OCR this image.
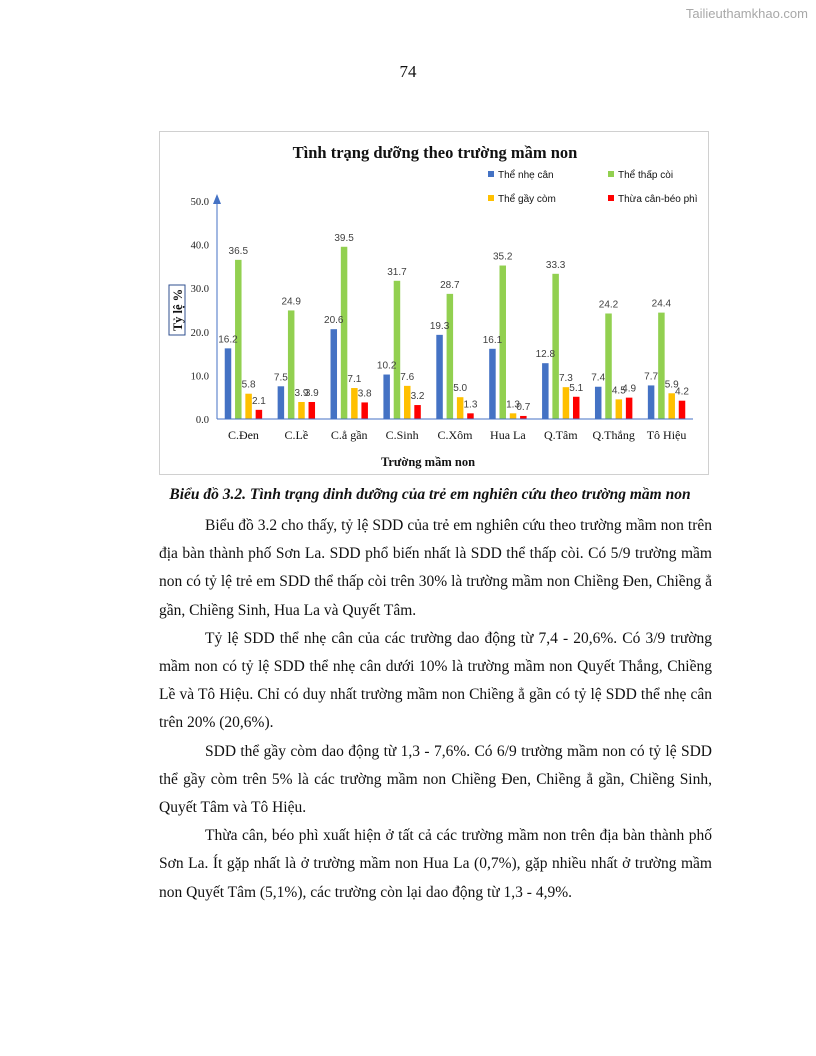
Tailieuthamkhao.com
74
Tình trạng dưỡng theo trường mầm non
Trường mầm non
Tỷ lệ %
0.0
10.0
20.0
30.0
40.0
50.0
16.2
36.5
5.8
2.1
7.5
24.9
3.9
3.9
20.6
39.5
7.1
3.8
10.2
31.7
7.6
3.2
19.3
28.7
5.0
1.3
16.1
35.2
1.3
0.7
12.8
33.3
7.3
5.1
7.4
24.2
4.5
4.9
7.7
24.4
5.9
4.2
C.Đen C.Lề C.ẳ gần C.Sinh C.Xôm Hua La Q.Tâm Q.Thắng Tô Hiệu
Thể nhẹ cân	Thể thấp còi
Thể gầy còm	Thừa cân-béo phì
Biểu đồ 3.2. Tình trạng dinh dưỡng của trẻ em nghiên cứu theo trường mầm non

Biểu đồ 3.2 cho thấy, tỷ lệ SDD của trẻ em nghiên cứu theo trường mầm non trên địa bàn thành phố Sơn La. SDD phổ biến nhất là SDD thể thấp còi. Có 5/9 trường mầm non có tỷ lệ trẻ em SDD thể thấp còi trên 30% là trường mầm non Chiềng Đen, Chiềng ẳ gần, Chiềng Sinh, Hua La và Quyết Tâm.

Tỷ lệ SDD thể nhẹ cân của các trường dao động từ 7,4 - 20,6%. Có 3/9 trường mầm non có tỷ lệ SDD thể nhẹ cân dưới 10% là trường mầm non Quyết Thắng, Chiềng Lề và Tô Hiệu. Chỉ có duy nhất trường mầm non Chiềng ẳ gần có tỷ lệ SDD thể nhẹ cân trên 20% (20,6%).

SDD thể gầy còm dao động từ 1,3 - 7,6%. Có 6/9 trường mầm non có tỷ lệ SDD thể gầy còm trên 5% là các trường mầm non Chiềng Đen, Chiềng ẳ gần, Chiềng Sinh, Quyết Tâm và Tô Hiệu.

Thừa cân, béo phì xuất hiện ở tất cả các trường mầm non trên địa bàn thành phố Sơn La. Ít gặp nhất là ở trường mầm non Hua La (0,7%), gặp nhiều nhất ở trường mầm non Quyết Tâm (5,1%), các trường còn lại dao động từ 1,3 - 4,9%.
